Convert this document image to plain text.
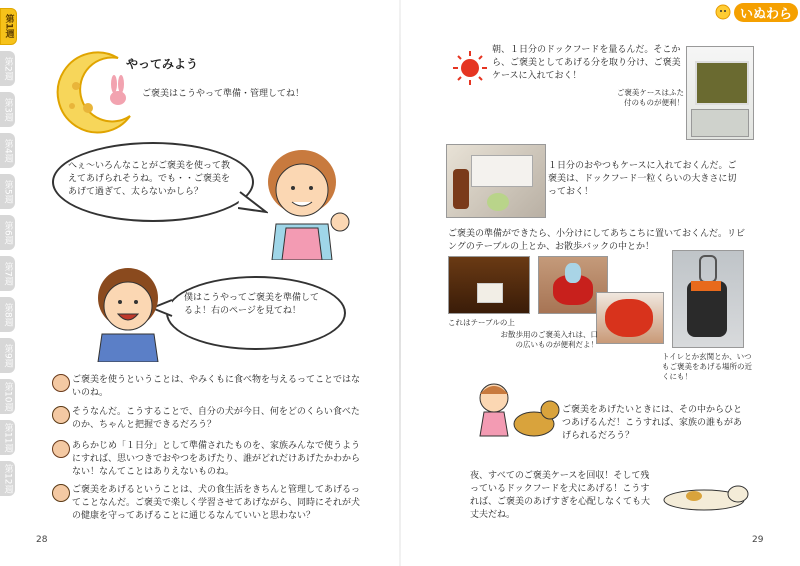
第1週
第2週
第3週
第4週
第5週
第6週
第7週
第8週
第9週
第10週
第11週
第12週
いぬわら
やってみよう
ご褒美はこうやって準備・管理してね！
へぇ～いろんなことがご褒美を使って教えてあげられそうね。でも・・ご褒美をあげて過ぎて、太らないかしら？
僕はこうやってご褒美を準備してるよ！右のページを見てね！
ご褒美を使うということは、やみくもに食べ物を与えるってことではないのね。
そうなんだ。こうすることで、自分の犬が今日、何をどのくらい食べたのか、ちゃんと把握できるだろう？
あらかじめ「１日分」として準備されたものを、家族みんなで使うようにすれば、思いつきでおやつをあげたり、誰がどれだけあげたかわからない！なんてことはありえないものね。
ご褒美をあげるということは、犬の食生活をきちんと管理してあげるってことなんだ。ご褒美で楽しく学習させてあげながら、同時にそれが犬の健康を守ってあげることに通じるなんていいと思わない？
28
朝、１日分のドックフードを量るんだ。そこから、ご褒美としてあげる分を取り分け、ご褒美ケースに入れておく！
ご褒美ケースはふた付のものが便利！
１日分のおやつもケースに入れておくんだ。ご褒美は、ドックフード一粒くらいの大きさに切っておく！
ご褒美の準備ができたら、小分けにしてあちこちに置いておくんだ。リビングのテーブルの上とか、お散歩バックの中とか！
これはテーブルの上
お散歩用のご褒美入れは、口の広いものが便利だよ！
トイレとか玄関とか、いつもご褒美をあげる場所の近くにも！
ご褒美をあげたいときには、その中からひとつあげるんだ！こうすれば、家族の誰もがあげられるだろう？
夜、すべてのご褒美ケースを回収！そして残っているドックフードを犬にあげる！こうすれば、ご褒美のあげすぎを心配しなくても大丈夫だね。
29
